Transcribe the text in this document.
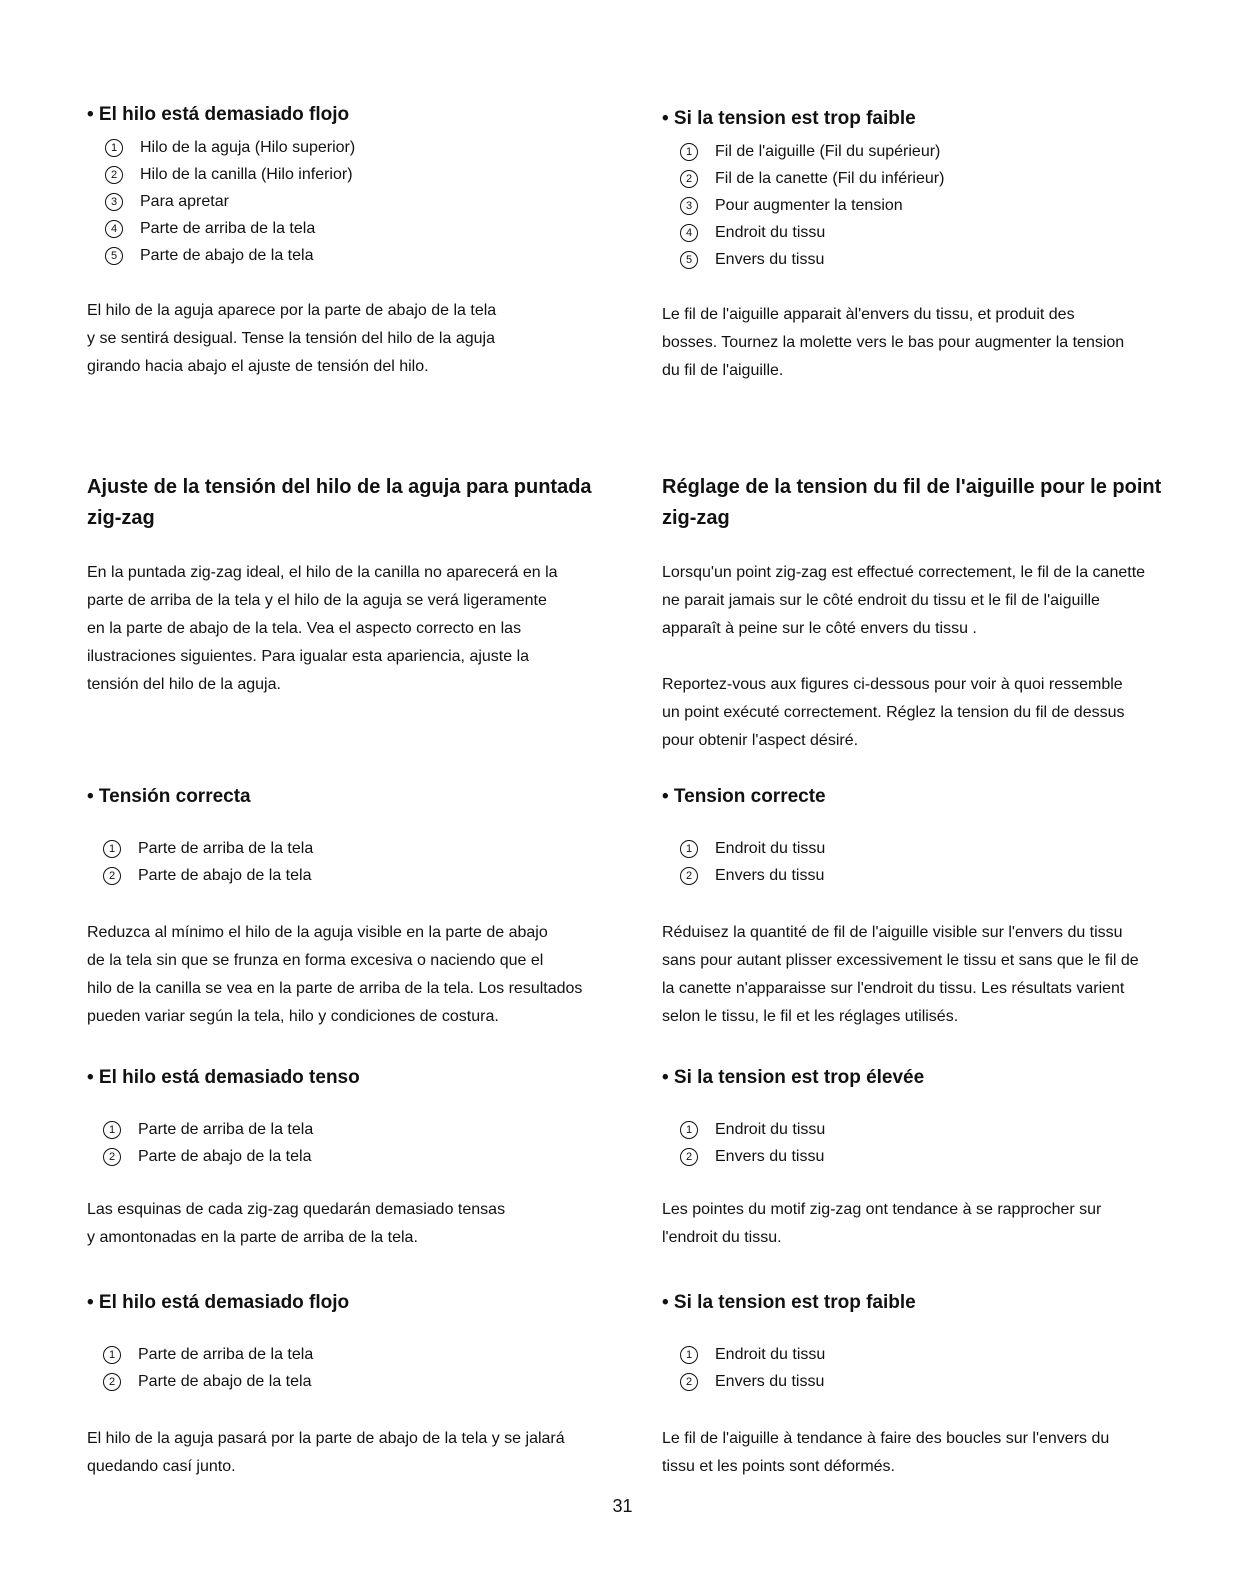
• El hilo está demasiado flojo
1	Hilo de la aguja (Hilo superior)
2	Hilo de la canilla (Hilo inferior)
3	Para apretar
4	Parte de arriba de la tela
5	Parte de abajo de la tela

El hilo de la aguja aparece por la parte de abajo de la tela
y se sentirá desigual. Tense la tensión del hilo de la aguja
girando hacia abajo el ajuste de tensión del hilo.

Ajuste de la tensión del hilo de la aguja para puntada
zig-zag

En la puntada zig-zag ideal, el hilo de la canilla no aparecerá en la
parte de arriba de la tela y el hilo de la aguja se verá ligeramente
en la parte de abajo de la tela. Vea el aspecto correcto en las
ilustraciones siguientes. Para igualar esta apariencia, ajuste la
tensión del hilo de la aguja.

• Tensión correcta
1	Parte de arriba de la tela
2	Parte de abajo de la tela

Reduzca al mínimo el hilo de la aguja visible en la parte de abajo
de la tela sin que se frunza en forma excesiva o naciendo que el
hilo de la canilla se vea en la parte de arriba de la tela. Los resultados
pueden variar según la tela, hilo y condiciones de costura.

• El hilo está demasiado tenso
1	Parte de arriba de la tela
2	Parte de abajo de la tela

Las esquinas de cada zig-zag quedarán demasiado tensas
y amontonadas en la parte de arriba de la tela.

• El hilo está demasiado flojo
1	Parte de arriba de la tela
2	Parte de abajo de la tela

El hilo de la aguja pasará por la parte de abajo de la tela y se jalará
quedando casí junto.

• Si la tension est trop faible
1	Fil de l'aiguille (Fil du supérieur)
2	Fil de la canette (Fil du inférieur)
3	Pour augmenter la tension
4	Endroit du tissu
5	Envers du tissu

Le fil de l'aiguille apparait àl'envers du tissu, et produit des
bosses. Tournez la molette vers le bas pour augmenter la tension
du fil de l'aiguille.

Réglage de la tension du fil de l'aiguille pour le point
zig-zag

Lorsqu'un point zig-zag est effectué correctement, le fil de la canette
ne parait jamais sur le côté endroit du tissu et le fil de l'aiguille
apparaît à peine sur le côté envers du tissu .

Reportez-vous aux figures ci-dessous pour voir à quoi ressemble
un point exécuté correctement. Réglez la tension du fil de dessus
pour obtenir l'aspect désiré.

• Tension correcte
1	Endroit du tissu
2	Envers du tissu

Réduisez la quantité de fil de l'aiguille visible sur l'envers du tissu
sans pour autant plisser excessivement le tissu et sans que le fil de
la canette n'apparaisse sur l'endroit du tissu. Les résultats varient
selon le tissu, le fil et les réglages utilisés.

• Si la tension est trop élevée
1	Endroit du tissu
2	Envers du tissu

Les pointes du motif zig-zag ont tendance à se rapprocher sur
l'endroit du tissu.

• Si la tension est trop faible
1	Endroit du tissu
2	Envers du tissu

Le fil de l'aiguille à tendance à faire des boucles sur l'envers du
tissu et les points sont déformés.

31
